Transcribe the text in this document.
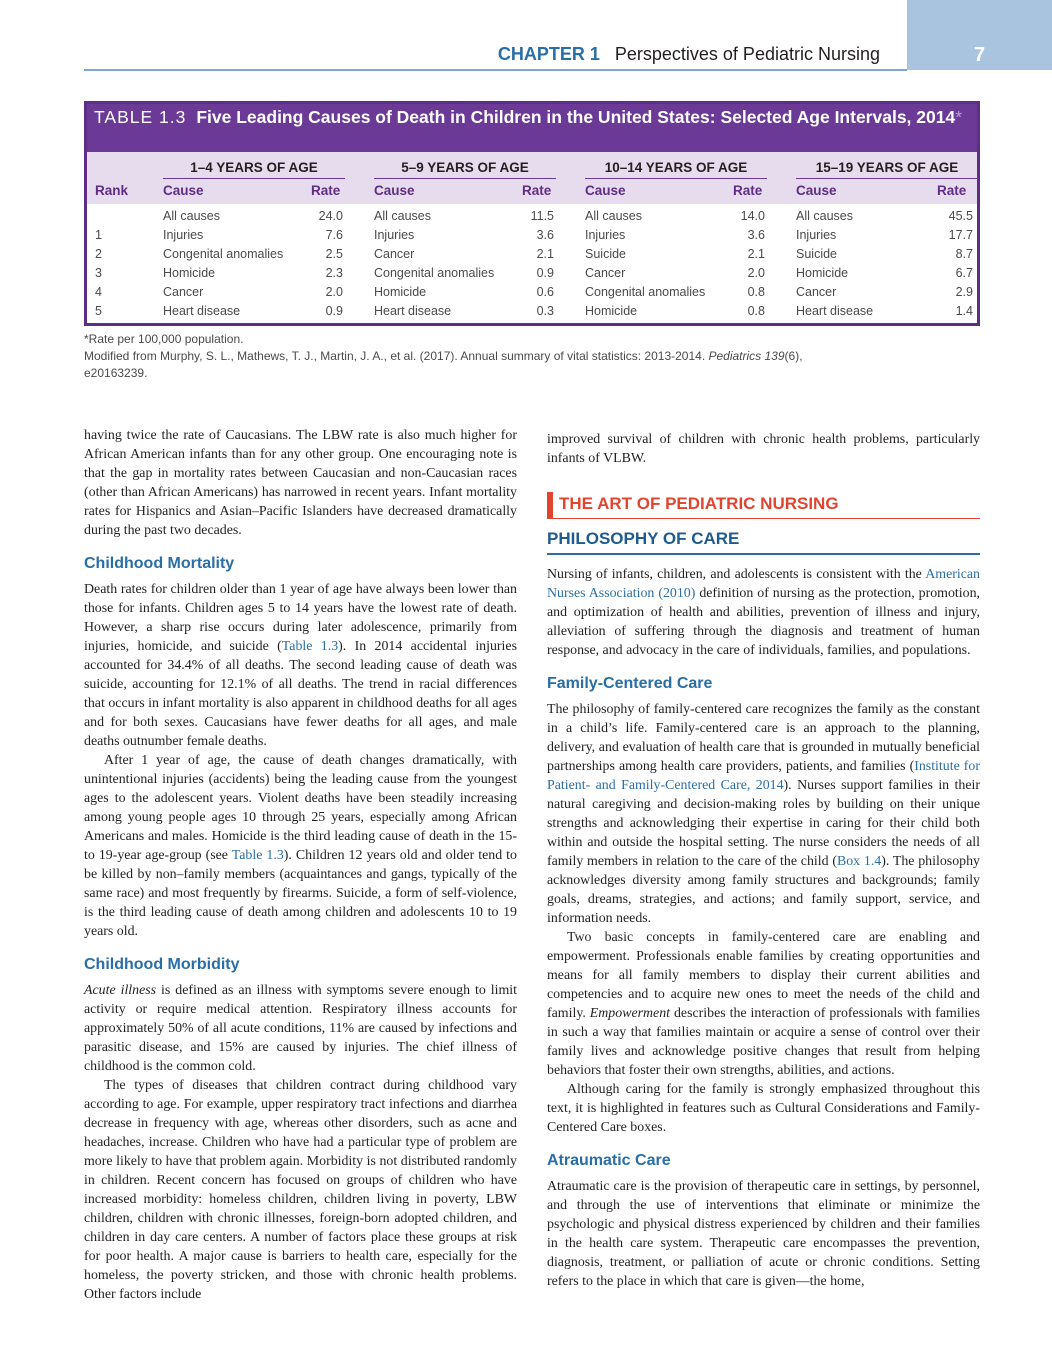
CHAPTER 1 Perspectives of Pediatric Nursing	7
TABLE 1.3 Five Leading Causes of Death in Children in the United States: Selected Age Intervals, 2014*
1–4 YEARS OF AGE	5–9 YEARS OF AGE	10–14 YEARS OF AGE	15–19 YEARS OF AGE
Rank	Cause	Rate Cause	Rate Cause	Rate Cause	Rate
All causes	24.0 All causes	11.5 All causes	14.0 All causes	45.5
1	Injuries	7.6 Injuries	3.6 Injuries	3.6 Injuries	17.7
2	Congenital anomalies	2.5 Cancer	2.1 Suicide	2.1 Suicide	8.7
3	Homicide	2.3 Congenital anomalies	0.9 Cancer	2.0 Homicide	6.7
4	Cancer	2.0 Homicide	0.6 Congenital anomalies	0.8 Cancer	2.9
5	Heart disease	0.9 Heart disease	0.3 Homicide	0.8 Heart disease	1.4
*Rate per 100,000 population.
Modified from Murphy, S. L., Mathews, T. J., Martin, J. A., et al. (2017). Annual summary of vital statistics: 2013-2014. Pediatrics 139(6),
e20163239.

having twice the rate of Caucasians. The LBW rate is also much higher for African American infants than for any other group. One encouraging note is that the gap in mortality rates between Caucasian and non-Caucasian races (other than African Americans) has narrowed in recent years. Infant mortality rates for Hispanics and Asian–Pacific Islanders have decreased dramatically during the past two decades.

Childhood Mortality

Death rates for children older than 1 year of age have always been lower than those for infants. Children ages 5 to 14 years have the lowest rate of death. However, a sharp rise occurs during later adolescence, primarily from injuries, homicide, and suicide (Table 1.3). In 2014 accidental injuries accounted for 34.4% of all deaths. The second leading cause of death was suicide, accounting for 12.1% of all deaths. The trend in racial differences that occurs in infant mortality is also apparent in childhood deaths for all ages and for both sexes. Caucasians have fewer deaths for all ages, and male deaths outnumber female deaths.

After 1 year of age, the cause of death changes dramatically, with unintentional injuries (accidents) being the leading cause from the youngest ages to the adolescent years. Violent deaths have been steadily increasing among young people ages 10 through 25 years, especially among African Americans and males. Homicide is the third leading cause of death in the 15- to 19-year age-group (see Table 1.3). Children 12 years old and older tend to be killed by non–family members (acquaintances and gangs, typically of the same race) and most frequently by firearms. Suicide, a form of self-violence, is the third leading cause of death among children and adolescents 10 to 19 years old.

Childhood Morbidity

Acute illness is defined as an illness with symptoms severe enough to limit activity or require medical attention. Respiratory illness accounts for approximately 50% of all acute conditions, 11% are caused by infections and parasitic disease, and 15% are caused by injuries. The chief illness of childhood is the common cold.

The types of diseases that children contract during childhood vary according to age. For example, upper respiratory tract infections and diarrhea decrease in frequency with age, whereas other disorders, such as acne and headaches, increase. Children who have had a particular type of problem are more likely to have that problem again. Morbidity is not distributed randomly in children. Recent concern has focused on groups of children who have increased morbidity: homeless children, children living in poverty, LBW children, children with chronic illnesses, foreign-born adopted children, and children in day care centers. A number of factors place these groups at risk for poor health. A major cause is barriers to health care, especially for the homeless, the poverty stricken, and those with chronic health problems. Other factors include

improved survival of children with chronic health problems, particularly infants of VLBW.

THE ART OF PEDIATRIC NURSING
PHILOSOPHY OF CARE

Nursing of infants, children, and adolescents is consistent with the American Nurses Association (2010) definition of nursing as the protection, promotion, and optimization of health and abilities, prevention of illness and injury, alleviation of suffering through the diagnosis and treatment of human response, and advocacy in the care of individuals, families, and populations.

Family-Centered Care

The philosophy of family-centered care recognizes the family as the constant in a child’s life. Family-centered care is an approach to the planning, delivery, and evaluation of health care that is grounded in mutually beneficial partnerships among health care providers, patients, and families (Institute for Patient- and Family-Centered Care, 2014). Nurses support families in their natural caregiving and decision-making roles by building on their unique strengths and acknowledging their expertise in caring for their child both within and outside the hospital setting. The nurse considers the needs of all family members in relation to the care of the child (Box 1.4). The philosophy acknowledges diversity among family structures and backgrounds; family goals, dreams, strategies, and actions; and family support, service, and information needs.

Two basic concepts in family-centered care are enabling and empowerment. Professionals enable families by creating opportunities and means for all family members to display their current abilities and competencies and to acquire new ones to meet the needs of the child and family. Empowerment describes the interaction of professionals with families in such a way that families maintain or acquire a sense of control over their family lives and acknowledge positive changes that result from helping behaviors that foster their own strengths, abilities, and actions.

Although caring for the family is strongly emphasized throughout this text, it is highlighted in features such as Cultural Considerations and Family-Centered Care boxes.

Atraumatic Care

Atraumatic care is the provision of therapeutic care in settings, by personnel, and through the use of interventions that eliminate or minimize the psychologic and physical distress experienced by children and their families in the health care system. Therapeutic care encompasses the prevention, diagnosis, treatment, or palliation of acute or chronic conditions. Setting refers to the place in which that care is given—the home,
